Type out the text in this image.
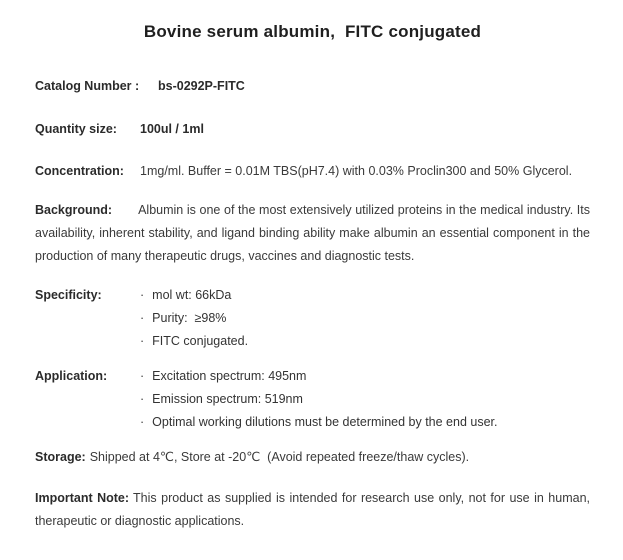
Bovine serum albumin,  FITC conjugated
Catalog Number :	bs-0292P-FITC
Quantity size:	100ul / 1ml
Concentration:	1mg/ml. Buffer = 0.01M TBS(pH7.4) with 0.03% Proclin300 and 50% Glycerol.

Background: Albumin is one of the most extensively utilized proteins in the medical industry. Its availability, inherent stability, and ligand binding ability make albumin an essential component in the production of many therapeutic drugs, vaccines and diagnostic tests.

Specificity:	· mol wt: 66kDa
· Purity:  ≥98%
· FITC conjugated.
Application:	· Excitation spectrum: 495nm
· Emission spectrum: 519nm
· Optimal working dilutions must be determined by the end user.

Storage: Shipped at 4℃, Store at -20℃  (Avoid repeated freeze/thaw cycles).

Important Note: This product as supplied is intended for research use only, not for use in human, therapeutic or diagnostic applications.
